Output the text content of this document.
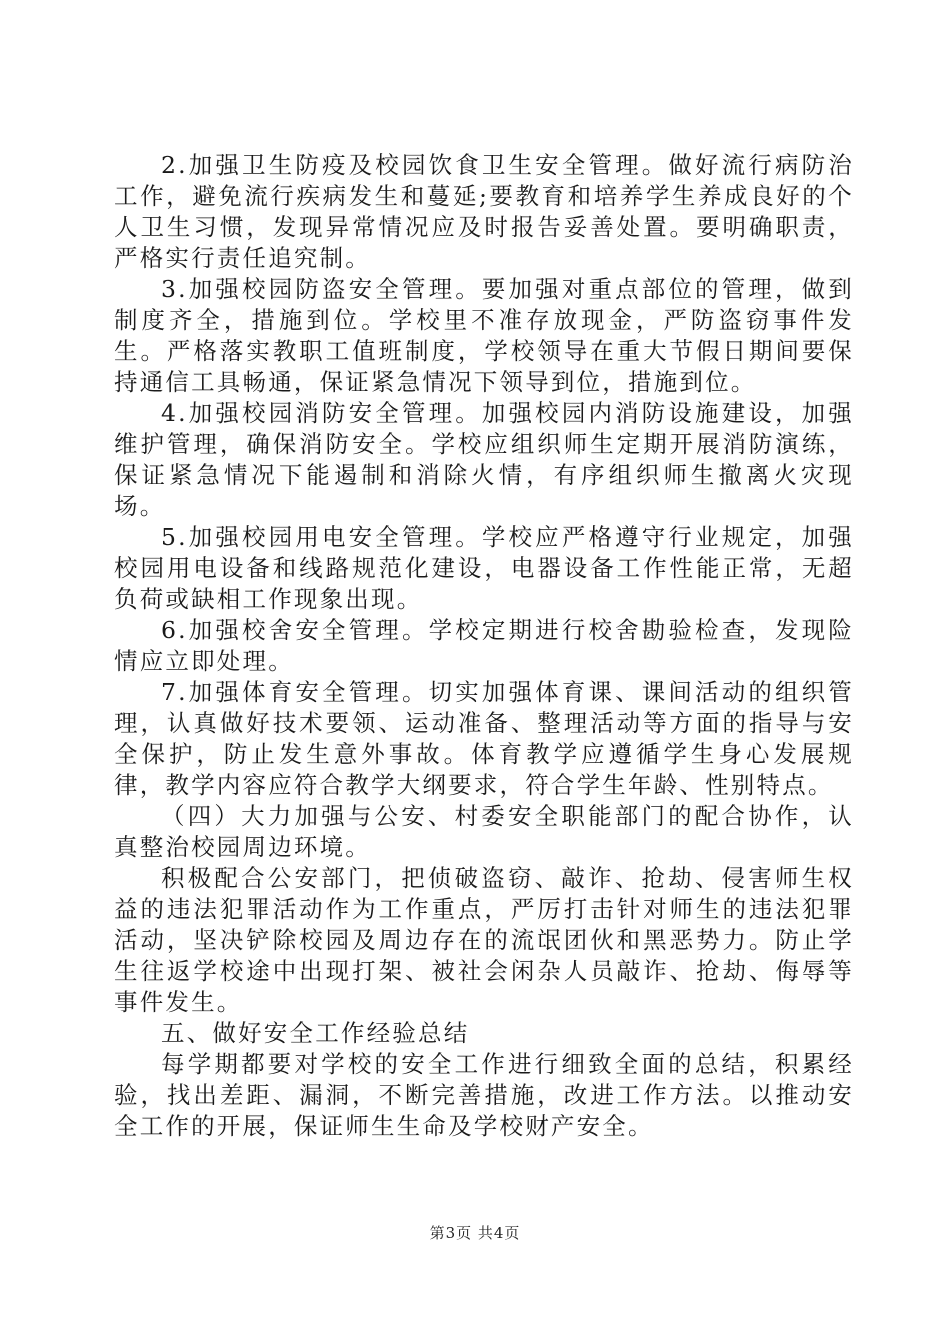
2.加强卫生防疫及校园饮食卫生安全管理。做好流行病防治工作，避免流行疾病发生和蔓延;要教育和培养学生养成良好的个人卫生习惯，发现异常情况应及时报告妥善处置。要明确职责，严格实行责任追究制。

3.加强校园防盗安全管理。要加强对重点部位的管理，做到制度齐全，措施到位。学校里不准存放现金，严防盗窃事件发生。严格落实教职工值班制度，学校领导在重大节假日期间要保持通信工具畅通，保证紧急情况下领导到位，措施到位。

4.加强校园消防安全管理。加强校园内消防设施建设，加强维护管理，确保消防安全。学校应组织师生定期开展消防演练，保证紧急情况下能遏制和消除火情，有序组织师生撤离火灾现场。

5.加强校园用电安全管理。学校应严格遵守行业规定，加强校园用电设备和线路规范化建设，电器设备工作性能正常，无超负荷或缺相工作现象出现。

6.加强校舍安全管理。学校定期进行校舍勘验检查，发现险情应立即处理。

7.加强体育安全管理。切实加强体育课、课间活动的组织管理，认真做好技术要领、运动准备、整理活动等方面的指导与安全保护，防止发生意外事故。体育教学应遵循学生身心发展规律，教学内容应符合教学大纲要求，符合学生年龄、性别特点。

（四）大力加强与公安、村委安全职能部门的配合协作，认真整治校园周边环境。

积极配合公安部门，把侦破盗窃、敲诈、抢劫、侵害师生权益的违法犯罪活动作为工作重点，严厉打击针对师生的违法犯罪活动，坚决铲除校园及周边存在的流氓团伙和黑恶势力。防止学生往返学校途中出现打架、被社会闲杂人员敲诈、抢劫、侮辱等事件发生。

五、做好安全工作经验总结

每学期都要对学校的安全工作进行细致全面的总结，积累经验，找出差距、漏洞，不断完善措施，改进工作方法。以推动安全工作的开展，保证师生生命及学校财产安全。

第3页 共4页
